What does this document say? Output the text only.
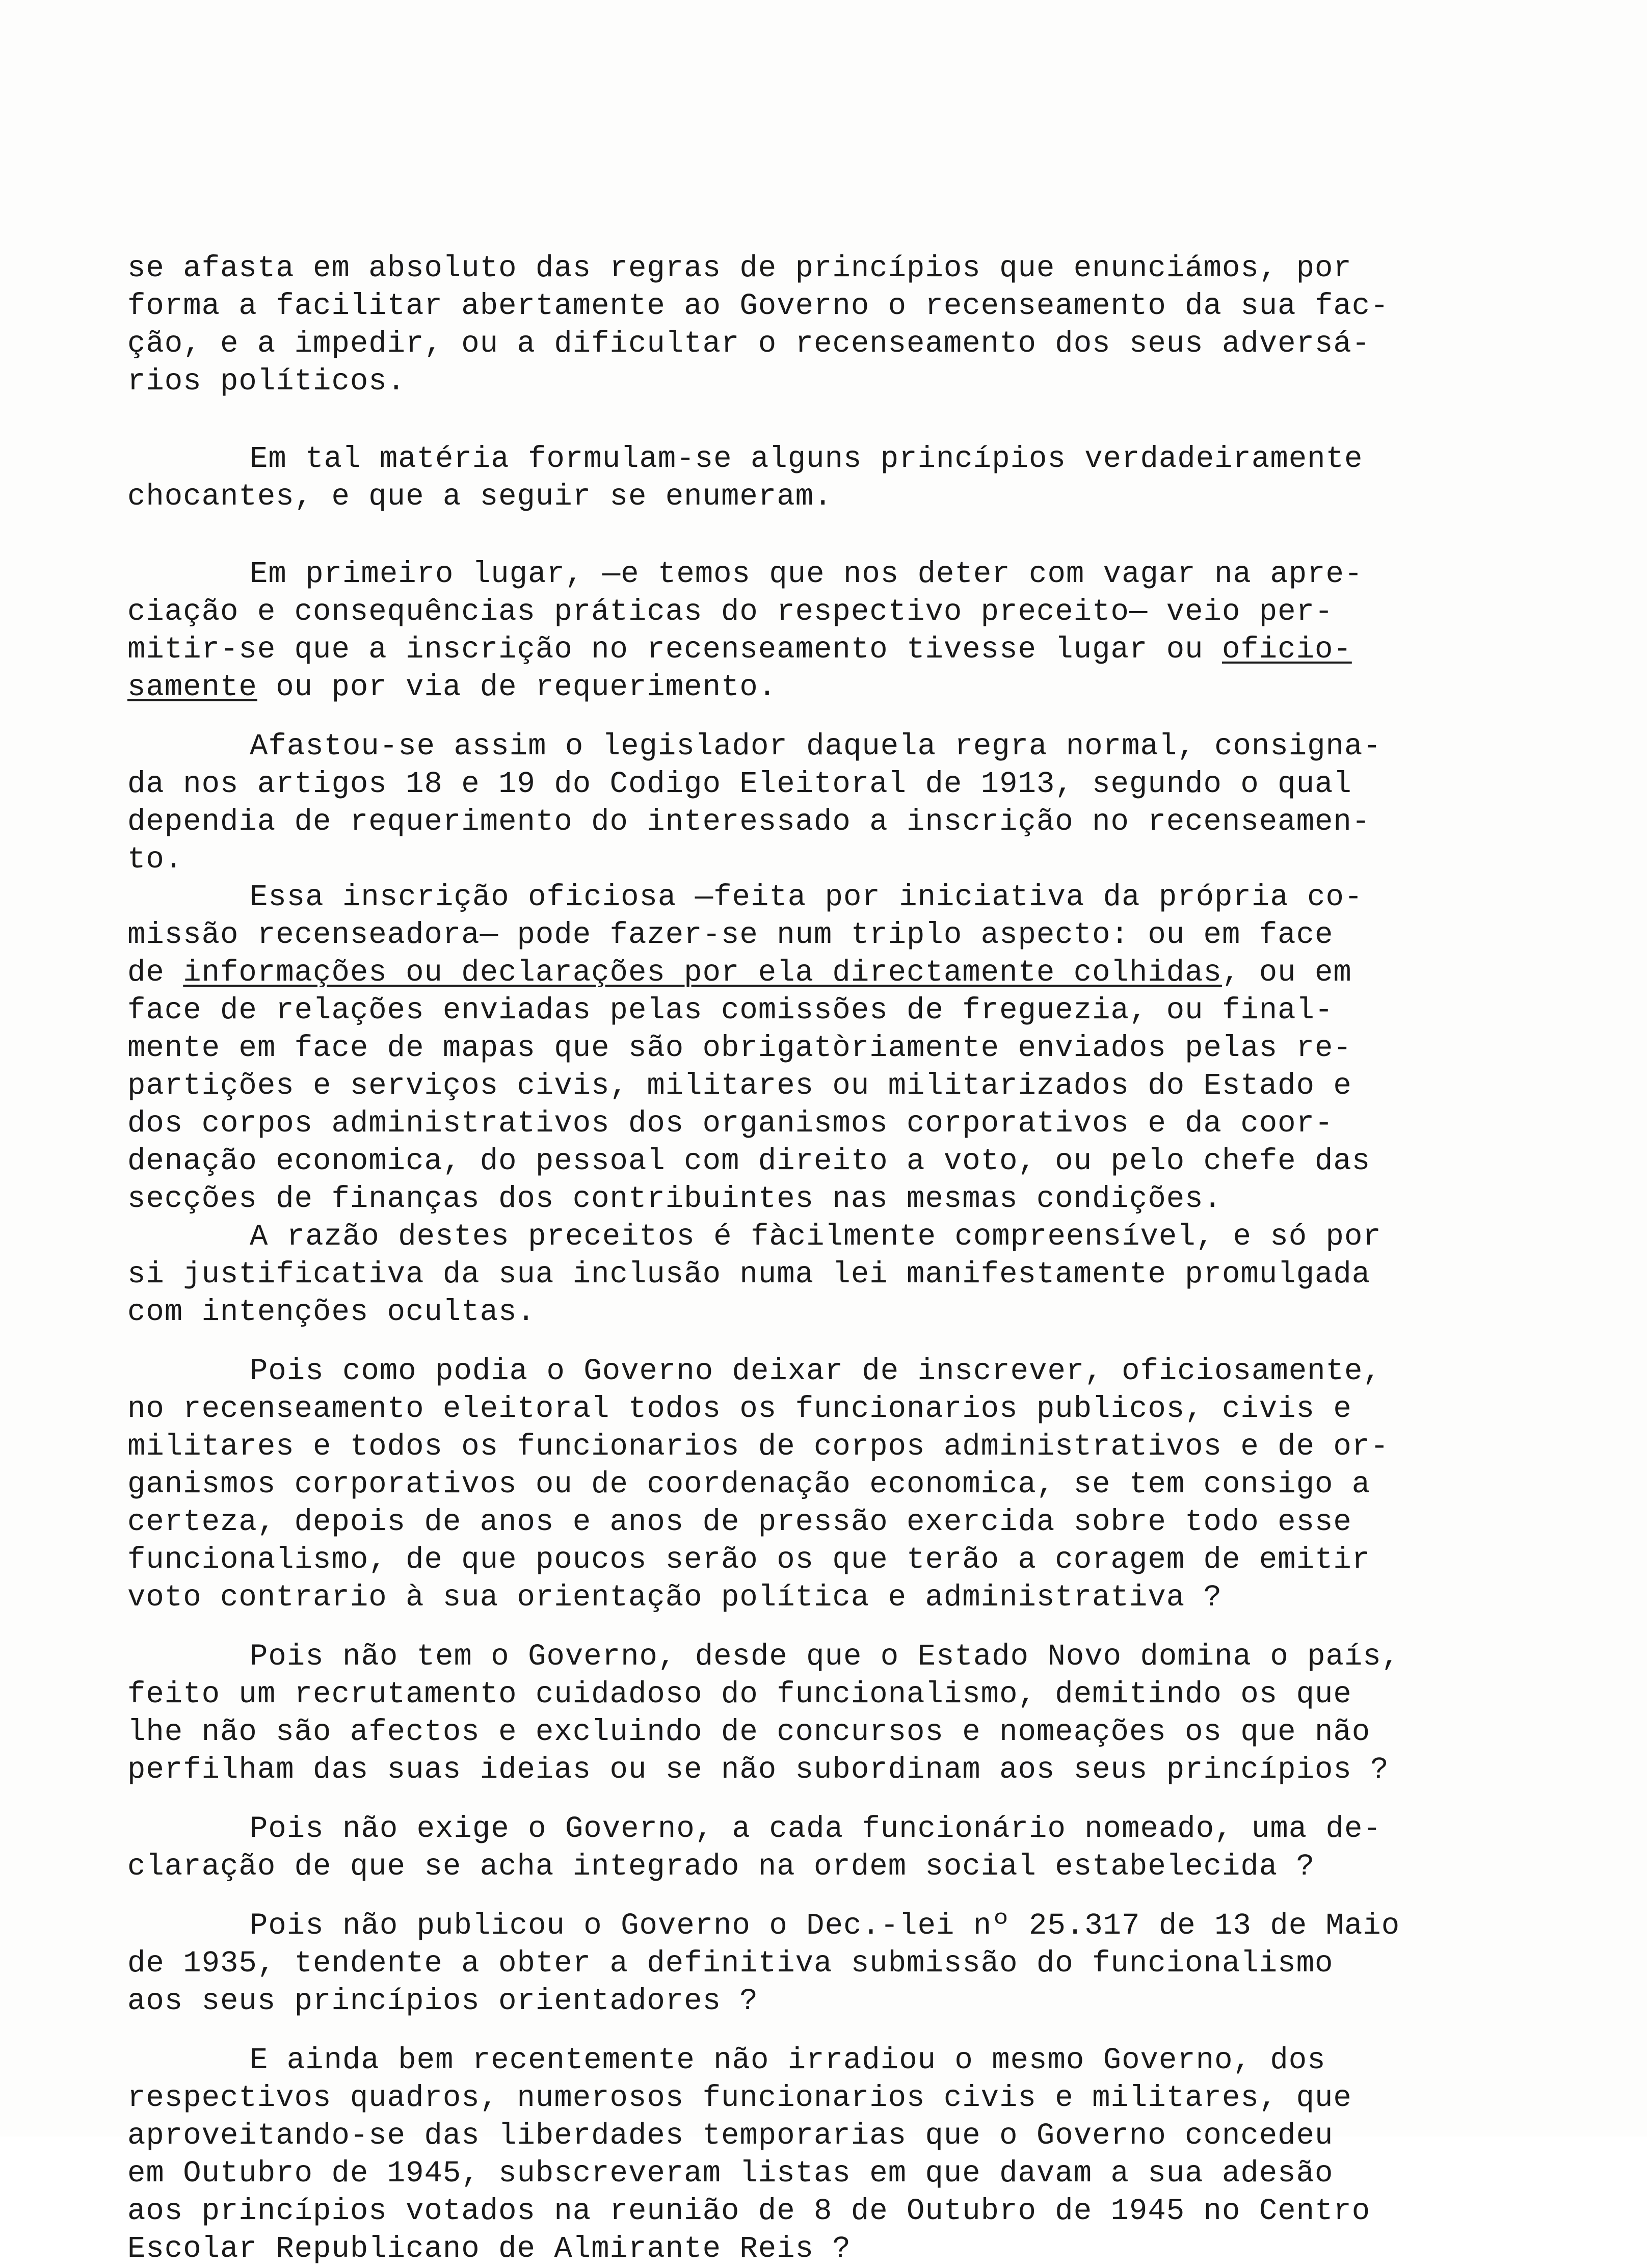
se afasta em absoluto das regras de princípios que enunciámos, por
forma a facilitar abertamente ao Governo o recenseamento da sua fac-
ção, e a impedir, ou a dificultar o recenseamento dos seus adversá-
rios políticos.
Em tal matéria formulam-se alguns princípios verdadeiramente
chocantes, e que a seguir se enumeram.
Em primeiro lugar, —e temos que nos deter com vagar na apre-
ciação e consequências práticas do respectivo preceito— veio per-
mitir-se que a inscrição no recenseamento tivesse lugar ou oficio-
samente ou por via de requerimento.
Afastou-se assim o legislador daquela regra normal, consigna-
da nos artigos 18 e 19 do Codigo Eleitoral de 1913, segundo o qual
dependia de requerimento do interessado a inscrição no recenseamen-
to.
Essa inscrição oficiosa —feita por iniciativa da própria co-
missão recenseadora— pode fazer-se num triplo aspecto: ou em face
de informações ou declarações por ela directamente colhidas, ou em
face de relações enviadas pelas comissões de freguezia, ou final-
mente em face de mapas que são obrigatòriamente enviados pelas re-
partições e serviços civis, militares ou militarizados do Estado e
dos corpos administrativos dos organismos corporativos e da coor-
denação economica, do pessoal com direito a voto, ou pelo chefe das
secções de finanças dos contribuintes nas mesmas condições.
A razão destes preceitos é fàcilmente compreensível, e só por
si justificativa da sua inclusão numa lei manifestamente promulgada
com intenções ocultas.
Pois como podia o Governo deixar de inscrever, oficiosamente,
no recenseamento eleitoral todos os funcionarios publicos, civis e
militares e todos os funcionarios de corpos administrativos e de or-
ganismos corporativos ou de coordenação economica, se tem consigo a
certeza, depois de anos e anos de pressão exercida sobre todo esse
funcionalismo, de que poucos serão os que terão a coragem de emitir
voto contrario à sua orientação política e administrativa ?
Pois não tem o Governo, desde que o Estado Novo domina o país,
feito um recrutamento cuidadoso do funcionalismo, demitindo os que
lhe não são afectos e excluindo de concursos e nomeações os que não
perfilham das suas ideias ou se não subordinam aos seus princípios ?
Pois não exige o Governo, a cada funcionário nomeado, uma de-
claração de que se acha integrado na ordem social estabelecida ?
Pois não publicou o Governo o Dec.-lei nº 25.317 de 13 de Maio
de 1935, tendente a obter a definitiva submissão do funcionalismo
aos seus princípios orientadores ?
E ainda bem recentemente não irradiou o mesmo Governo, dos
respectivos quadros, numerosos funcionarios civis e militares, que
aproveitando-se das liberdades temporarias que o Governo concedeu
em Outubro de 1945, subscreveram listas em que davam a sua adesão
aos princípios votados na reunião de 8 de Outubro de 1945 no Centro
Escolar Republicano de Almirante Reis ?
